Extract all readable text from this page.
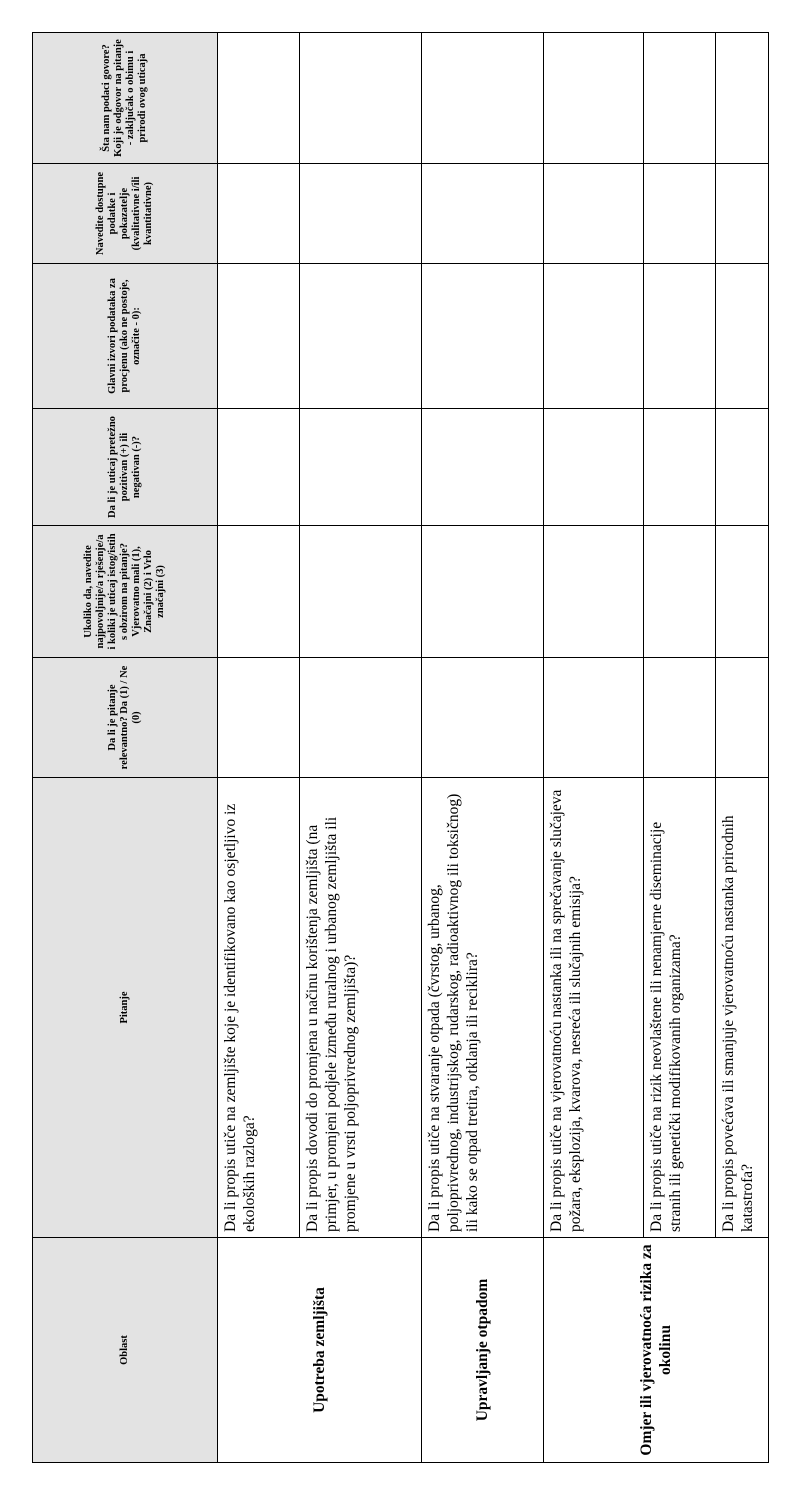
Oblast	Pitanje	Da li je pitanje relevantno? Da (1) / Ne (0)	Ukoliko da, navedite najpovoljnije/a rješenje/a i koliki je uticaj istog/istih s obzirom na pitanje? Vjerovatno mali (1), Značajni (2) i Vrlo značajni (3)	Da li je uticaj pretežno pozitivan (+) ili negativan (-)?	Glavni izvori podataka za procjenu (ako ne postoje, označite - 0):	Navedite dostupne podatke i pokazatelje (kvalitativne i/ili kvantitativne)	Šta nam podaci govore? Koji je odgovor na pitanje - zaključak o obimu i prirodi ovog uticaja
Upotreba zemljišta	Da li propis utiče na zemljište koje je identifikovano kao osjetljivo iz ekoloških razloga?						
	Da li propis dovodi do promjena u načinu korištenja zemljišta (na primjer, u promjeni podjele između ruralnog i urbanog zemljišta ili promjene u vrsti poljoprivrednog zemljišta)?						
Upravljanje otpadom	Da li propis utiče na stvaranje otpada (čvrstog, urbanog, poljoprivrednog, industrijskog, rudarskog, radioaktivnog ili toksičnog) ili kako se otpad tretira, otklanja ili reciklira?						
Omjer ili vjerovatnoća rizika za okolinu	Da li propis utiče na vjerovatnoću nastanka ili na sprečavanje slučajeva požara, eksplozija, kvarova, nesreća ili slučajnih emisija?						
	Da li propis utiče na rizik neovlaštene ili nenamjerne diseminacije stranih ili genetički modifikovanih organizama?						
	Da li propis povećava ili smanjuje vjerovatnoću nastanka prirodnih katastrofa?						
